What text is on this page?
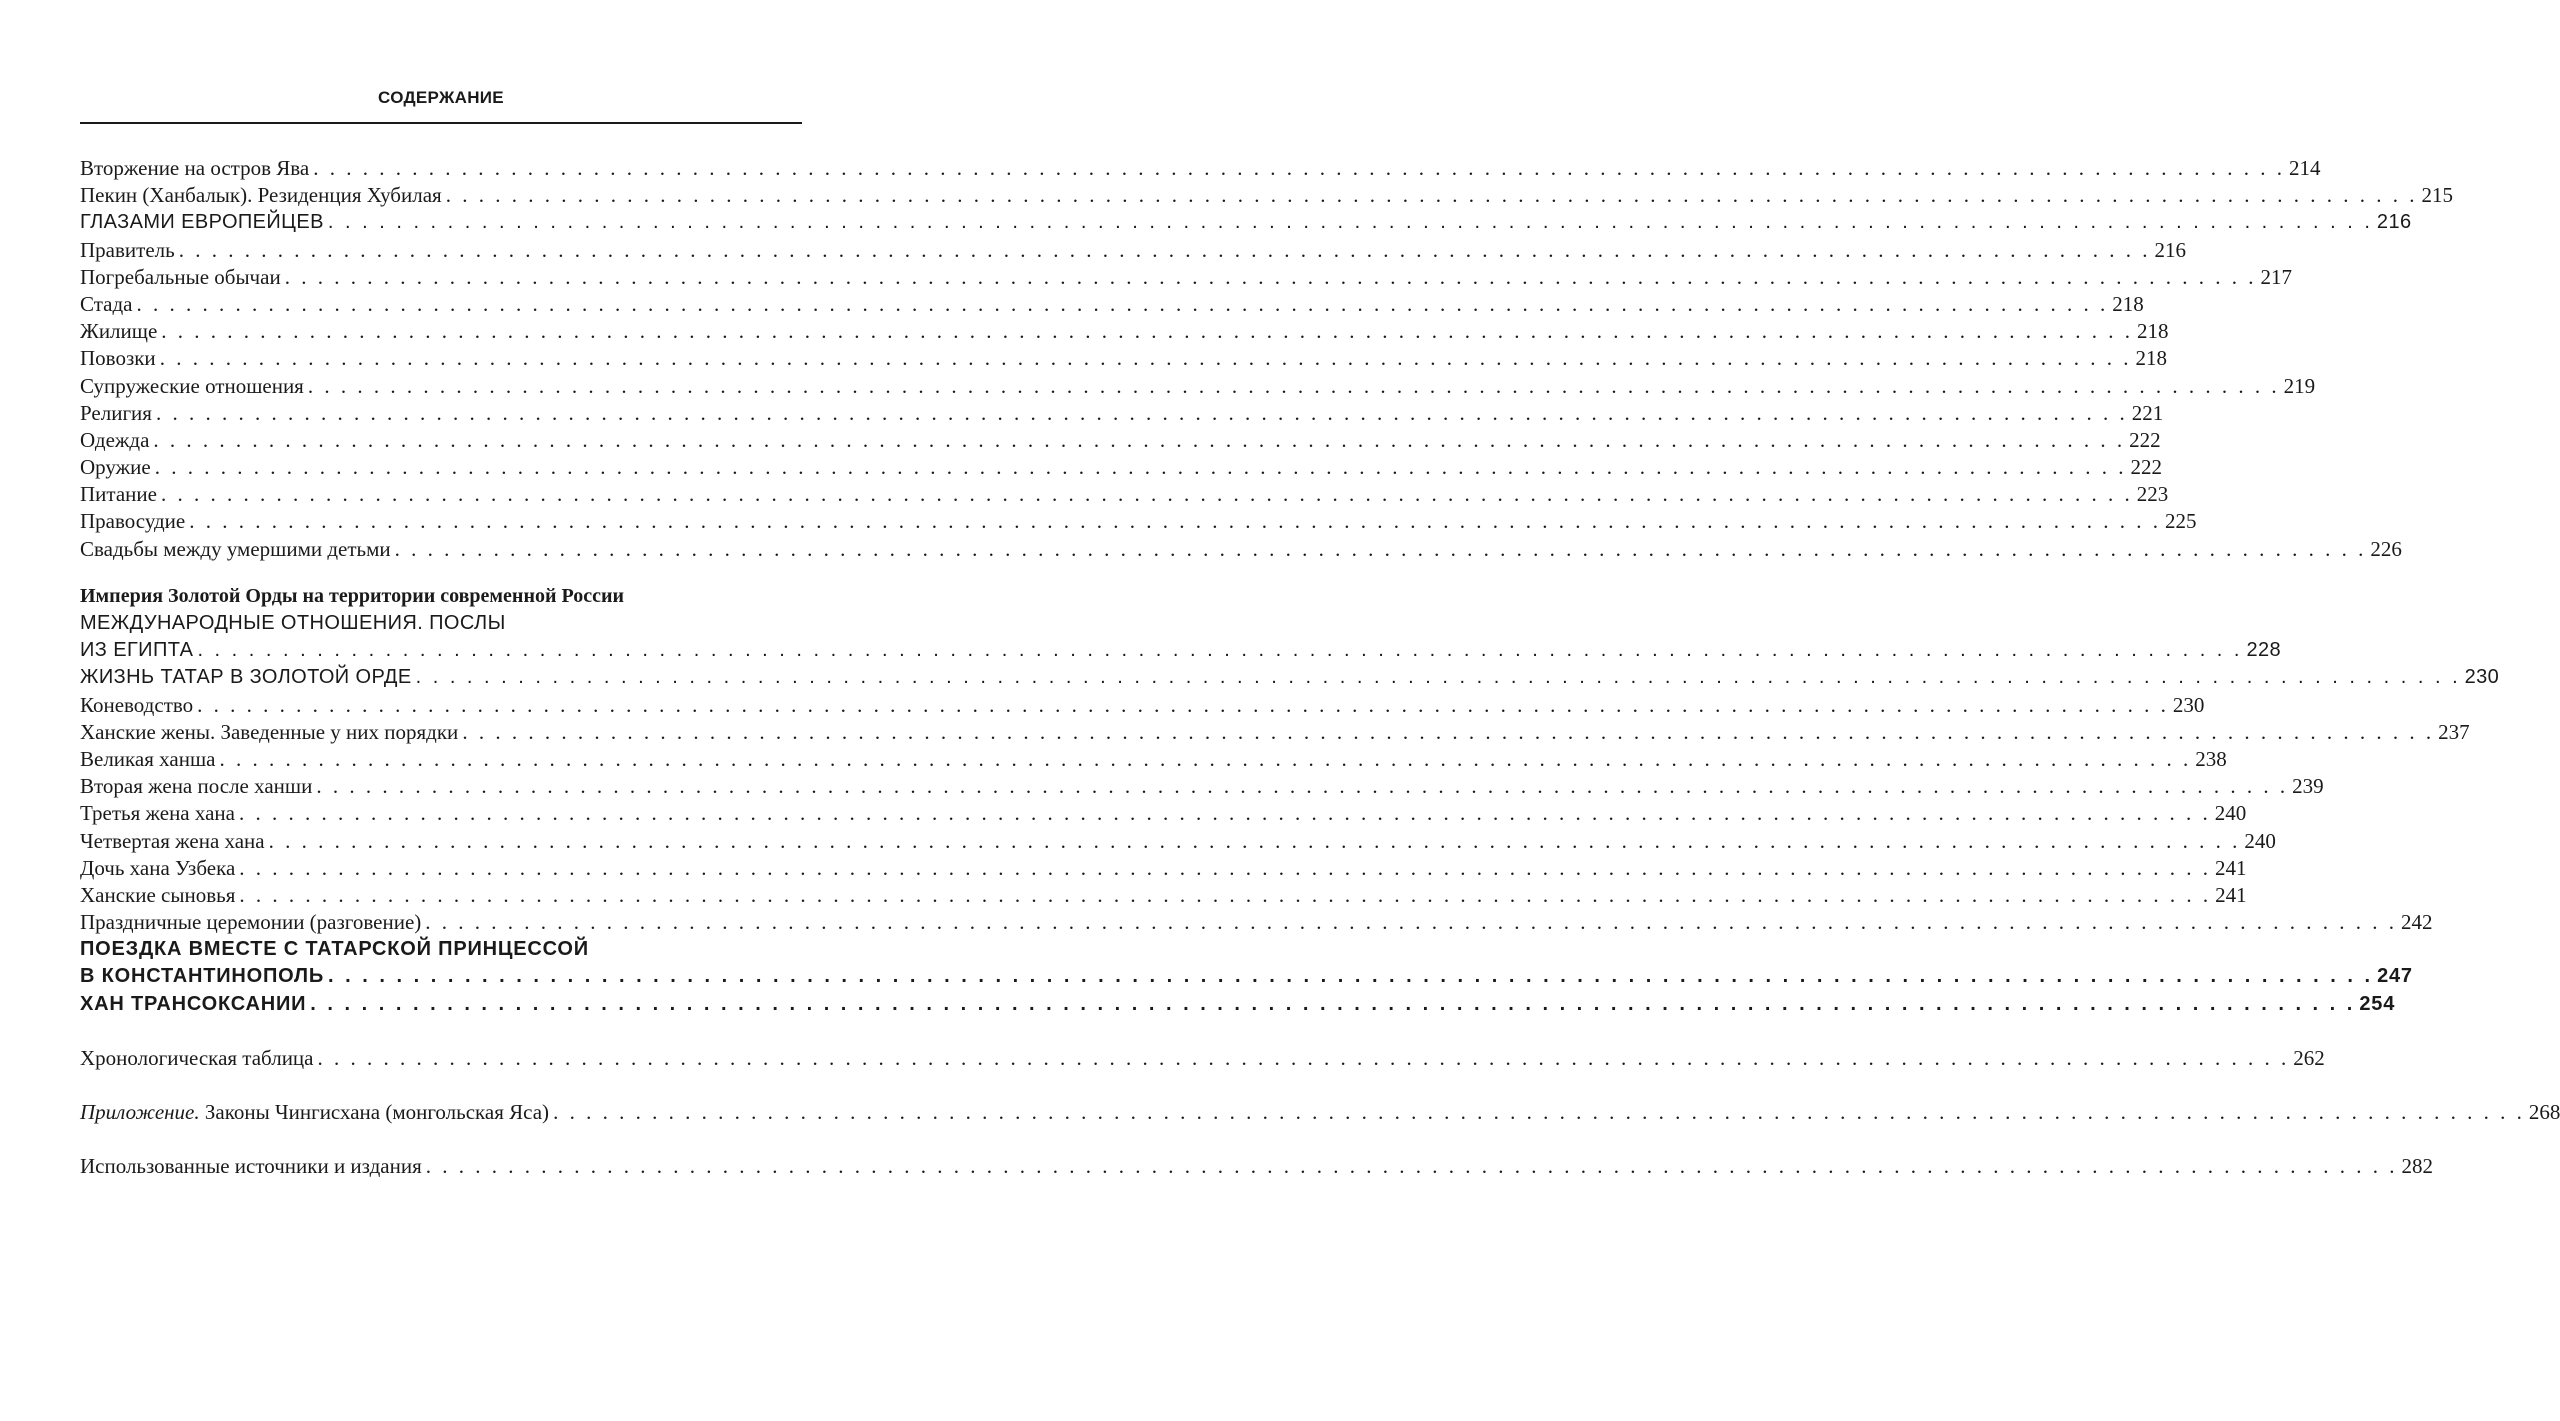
СОДЕРЖАНИЕ
Вторжение на остров Ява . . . . . . . . . . . . . . . . . . . . . . . . . . . . . . . . . . . . . . . . . . . . . . . . . . . . . . . . . . . . . . . . . . . . . . . . . . . . . . . . . . . . . . . . . . . . . . . . . . . . . . . . . . . . . . . . . . . . . . . . 214
Пекин (Ханбалык). Резиденция Хубилая . . . . . . . . . . . . . . . . . . . . . . . . . . . . . . . . . . . . . . . . . . . . . . . . . . . . . . . . . . . . . . . . . . . . . . . . . . . . . . . . . . . . . . . . . . . . . . . . . . . . . . . . . . . . . . . . . . . . . . . . 215
ГЛАЗАМИ ЕВРОПЕЙЦЕВ . . . . . . . . . . . . . . . . . . . . . . . . . . . . . . . . . . . . . . . . . . . . . . . . . . . . . . . . . . . . . . . . . . . . . . . . . . . . . . . . . . . . . . . . . . . . . . . . . . . . . . . . . . . . . . . . . . . . . . . . 216
Правитель . . . . . . . . . . . . . . . . . . . . . . . . . . . . . . . . . . . . . . . . . . . . . . . . . . . . . . . . . . . . . . . . . . . . . . . . . . . . . . . . . . . . . . . . . . . . . . . . . . . . . . . . . . . . . . . . . . . . . . . . 216
Погребальные обычаи . . . . . . . . . . . . . . . . . . . . . . . . . . . . . . . . . . . . . . . . . . . . . . . . . . . . . . . . . . . . . . . . . . . . . . . . . . . . . . . . . . . . . . . . . . . . . . . . . . . . . . . . . . . . . . . . . . . . . . . . 217
Стада . . . . . . . . . . . . . . . . . . . . . . . . . . . . . . . . . . . . . . . . . . . . . . . . . . . . . . . . . . . . . . . . . . . . . . . . . . . . . . . . . . . . . . . . . . . . . . . . . . . . . . . . . . . . . . . . . . . . . . . . 218
Жилище . . . . . . . . . . . . . . . . . . . . . . . . . . . . . . . . . . . . . . . . . . . . . . . . . . . . . . . . . . . . . . . . . . . . . . . . . . . . . . . . . . . . . . . . . . . . . . . . . . . . . . . . . . . . . . . . . . . . . . . . 218
Повозки . . . . . . . . . . . . . . . . . . . . . . . . . . . . . . . . . . . . . . . . . . . . . . . . . . . . . . . . . . . . . . . . . . . . . . . . . . . . . . . . . . . . . . . . . . . . . . . . . . . . . . . . . . . . . . . . . . . . . . . . 218
Супружеские отношения . . . . . . . . . . . . . . . . . . . . . . . . . . . . . . . . . . . . . . . . . . . . . . . . . . . . . . . . . . . . . . . . . . . . . . . . . . . . . . . . . . . . . . . . . . . . . . . . . . . . . . . . . . . . . . . . . . . . . . . . 219
Религия . . . . . . . . . . . . . . . . . . . . . . . . . . . . . . . . . . . . . . . . . . . . . . . . . . . . . . . . . . . . . . . . . . . . . . . . . . . . . . . . . . . . . . . . . . . . . . . . . . . . . . . . . . . . . . . . . . . . . . . . 221
Одежда . . . . . . . . . . . . . . . . . . . . . . . . . . . . . . . . . . . . . . . . . . . . . . . . . . . . . . . . . . . . . . . . . . . . . . . . . . . . . . . . . . . . . . . . . . . . . . . . . . . . . . . . . . . . . . . . . . . . . . . . 222
Оружие . . . . . . . . . . . . . . . . . . . . . . . . . . . . . . . . . . . . . . . . . . . . . . . . . . . . . . . . . . . . . . . . . . . . . . . . . . . . . . . . . . . . . . . . . . . . . . . . . . . . . . . . . . . . . . . . . . . . . . . . 222
Питание . . . . . . . . . . . . . . . . . . . . . . . . . . . . . . . . . . . . . . . . . . . . . . . . . . . . . . . . . . . . . . . . . . . . . . . . . . . . . . . . . . . . . . . . . . . . . . . . . . . . . . . . . . . . . . . . . . . . . . . . 223
Правосудие . . . . . . . . . . . . . . . . . . . . . . . . . . . . . . . . . . . . . . . . . . . . . . . . . . . . . . . . . . . . . . . . . . . . . . . . . . . . . . . . . . . . . . . . . . . . . . . . . . . . . . . . . . . . . . . . . . . . . . . . 225
Свадьбы между умершими детьми . . . . . . . . . . . . . . . . . . . . . . . . . . . . . . . . . . . . . . . . . . . . . . . . . . . . . . . . . . . . . . . . . . . . . . . . . . . . . . . . . . . . . . . . . . . . . . . . . . . . . . . . . . . . . . . . . . . . . . . . 226
Империя Золотой Орды на территории современной России
МЕЖДУНАРОДНЫЕ ОТНОШЕНИЯ. ПОСЛЫ
ИЗ ЕГИПТА . . . . . . . . . . . . . . . . . . . . . . . . . . . . . . . . . . . . . . . . . . . . . . . . . . . . . . . . . . . . . . . . . . . . . . . . . . . . . . . . . . . . . . . . . . . . . . . . . . . . . . . . . . . . . . . . . . . . . . . . 228
ЖИЗНЬ ТАТАР В ЗОЛОТОЙ ОРДЕ . . . . . . . . . . . . . . . . . . . . . . . . . . . . . . . . . . . . . . . . . . . . . . . . . . . . . . . . . . . . . . . . . . . . . . . . . . . . . . . . . . . . . . . . . . . . . . . . . . . . . . . . . . . . . . . . . . . . . . . . 230
Коневодство . . . . . . . . . . . . . . . . . . . . . . . . . . . . . . . . . . . . . . . . . . . . . . . . . . . . . . . . . . . . . . . . . . . . . . . . . . . . . . . . . . . . . . . . . . . . . . . . . . . . . . . . . . . . . . . . . . . . . . . . 230
Ханские жены. Заведенные у них порядки . . . . . . . . . . . . . . . . . . . . . . . . . . . . . . . . . . . . . . . . . . . . . . . . . . . . . . . . . . . . . . . . . . . . . . . . . . . . . . . . . . . . . . . . . . . . . . . . . . . . . . . . . . . . . . . . . . . . . . . . 237
Великая ханша . . . . . . . . . . . . . . . . . . . . . . . . . . . . . . . . . . . . . . . . . . . . . . . . . . . . . . . . . . . . . . . . . . . . . . . . . . . . . . . . . . . . . . . . . . . . . . . . . . . . . . . . . . . . . . . . . . . . . . . . 238
Вторая жена после ханши . . . . . . . . . . . . . . . . . . . . . . . . . . . . . . . . . . . . . . . . . . . . . . . . . . . . . . . . . . . . . . . . . . . . . . . . . . . . . . . . . . . . . . . . . . . . . . . . . . . . . . . . . . . . . . . . . . . . . . . . 239
Третья жена хана . . . . . . . . . . . . . . . . . . . . . . . . . . . . . . . . . . . . . . . . . . . . . . . . . . . . . . . . . . . . . . . . . . . . . . . . . . . . . . . . . . . . . . . . . . . . . . . . . . . . . . . . . . . . . . . . . . . . . . . . 240
Четвертая жена хана . . . . . . . . . . . . . . . . . . . . . . . . . . . . . . . . . . . . . . . . . . . . . . . . . . . . . . . . . . . . . . . . . . . . . . . . . . . . . . . . . . . . . . . . . . . . . . . . . . . . . . . . . . . . . . . . . . . . . . . . 240
Дочь хана Узбека . . . . . . . . . . . . . . . . . . . . . . . . . . . . . . . . . . . . . . . . . . . . . . . . . . . . . . . . . . . . . . . . . . . . . . . . . . . . . . . . . . . . . . . . . . . . . . . . . . . . . . . . . . . . . . . . . . . . . . . . 241
Ханские сыновья . . . . . . . . . . . . . . . . . . . . . . . . . . . . . . . . . . . . . . . . . . . . . . . . . . . . . . . . . . . . . . . . . . . . . . . . . . . . . . . . . . . . . . . . . . . . . . . . . . . . . . . . . . . . . . . . . . . . . . . . 241
Праздничные церемонии (разговение) . . . . . . . . . . . . . . . . . . . . . . . . . . . . . . . . . . . . . . . . . . . . . . . . . . . . . . . . . . . . . . . . . . . . . . . . . . . . . . . . . . . . . . . . . . . . . . . . . . . . . . . . . . . . . . . . . . . . . . . . 242
ПОЕЗДКА ВМЕСТЕ С ТАТАРСКОЙ ПРИНЦЕССОЙ
В КОНСТАНТИНОПОЛЬ . . . . . . . . . . . . . . . . . . . . . . . . . . . . . . . . . . . . . . . . . . . . . . . . . . . . . . . . . . . . . . . . . . . . . . . . . . . . . . . . . . . . . . . . . . . . . . . . . . . . . . . . . . . . . . . . . . . . . . . . 247
ХАН ТРАНСОКСАНИИ . . . . . . . . . . . . . . . . . . . . . . . . . . . . . . . . . . . . . . . . . . . . . . . . . . . . . . . . . . . . . . . . . . . . . . . . . . . . . . . . . . . . . . . . . . . . . . . . . . . . . . . . . . . . . . . . . . . . . . . . 254
Хронологическая таблица . . . . . . . . . . . . . . . . . . . . . . . . . . . . . . . . . . . . . . . . . . . . . . . . . . . . . . . . . . . . . . . . . . . . . . . . . . . . . . . . . . . . . . . . . . . . . . . . . . . . . . . . . . . . . . . . . . . . . . . . 262
Приложение. Законы Чингисхана (монгольская Яса) . . . . . . . . . . . . . . . . . . . . . . . . . . . . . . . . . . . . . . . . . . . . . . . . . . . . . . . . . . . . . . . . . . . . . . . . . . . . . . . . . . . . . . . . . . . . . . . . . . . . . . . . . . . . . . . . . . . . . . . . 268
Использованные источники и издания . . . . . . . . . . . . . . . . . . . . . . . . . . . . . . . . . . . . . . . . . . . . . . . . . . . . . . . . . . . . . . . . . . . . . . . . . . . . . . . . . . . . . . . . . . . . . . . . . . . . . . . . . . . . . . . . . . . . . . . . 282
